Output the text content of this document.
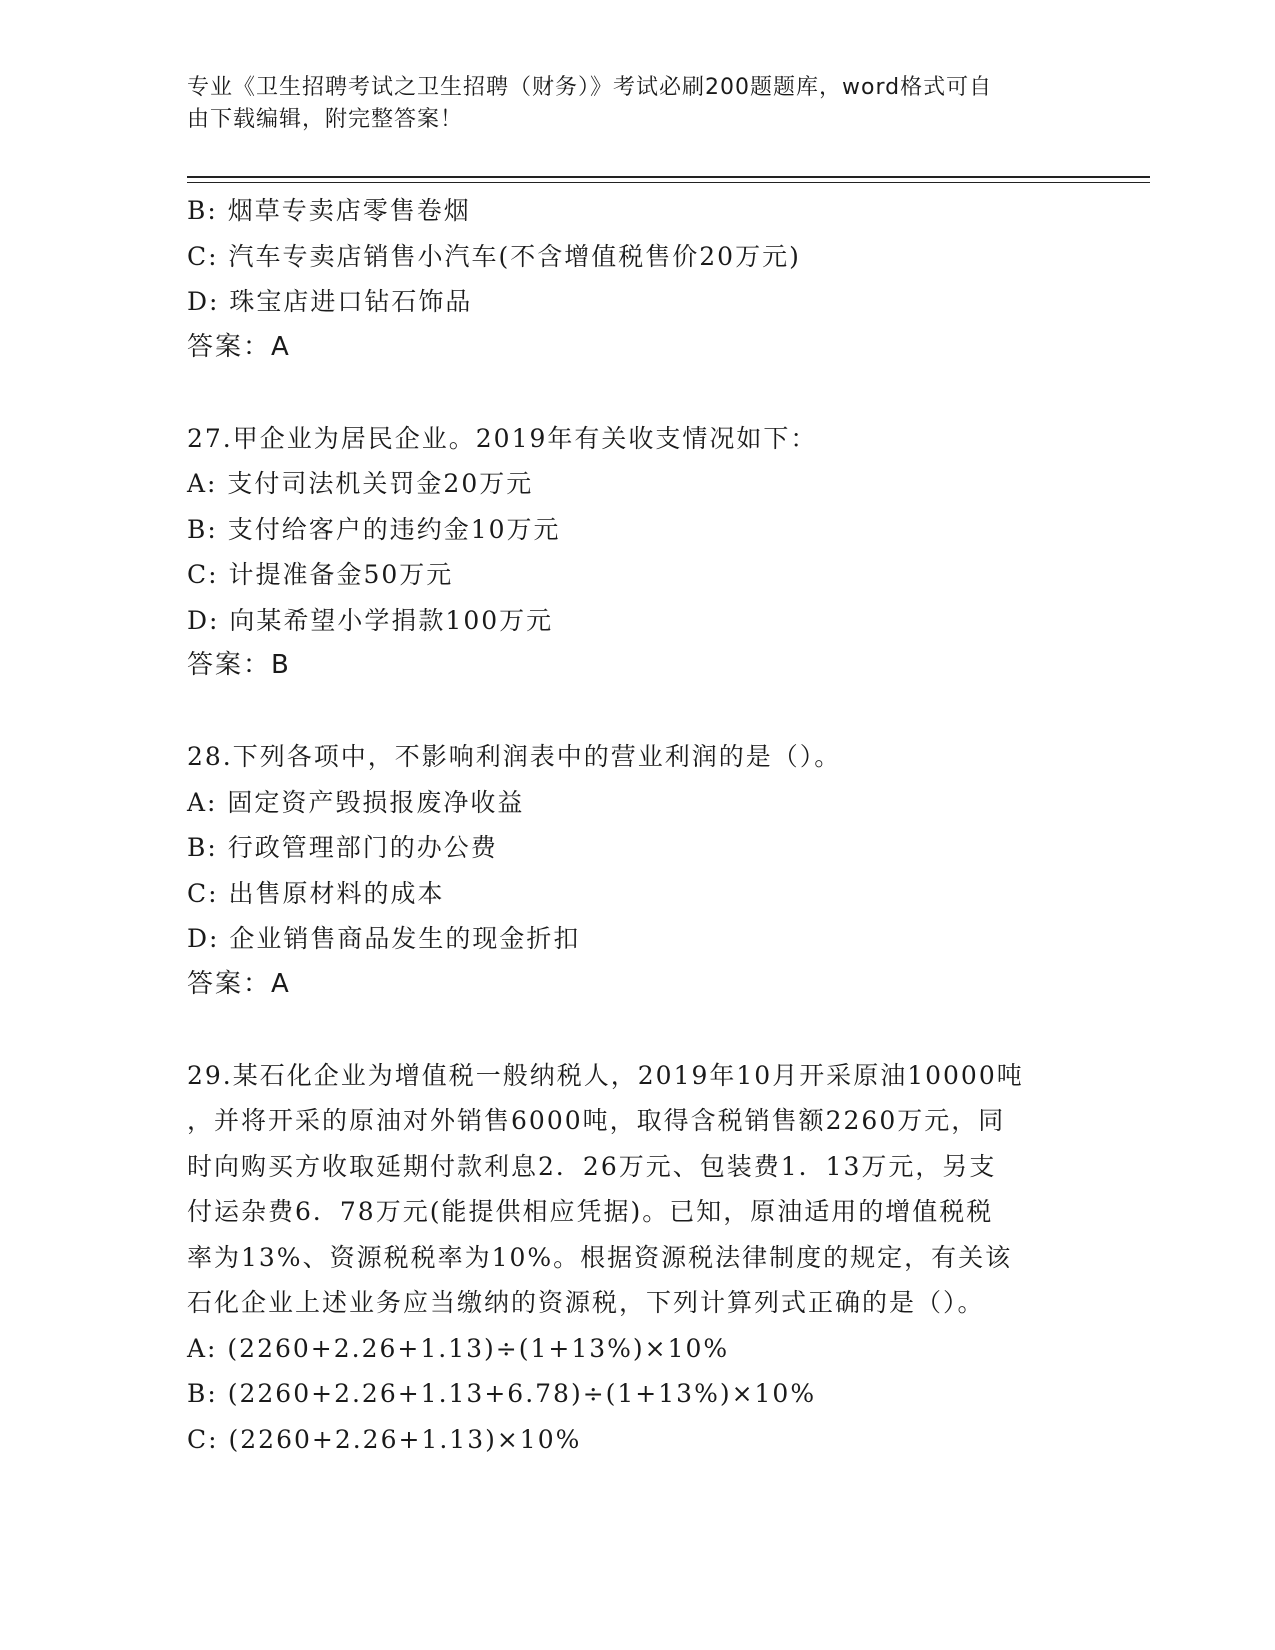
专业《卫生招聘考试之卫生招聘（财务）》考试必刷200题题库，word格式可自
由下载编辑，附完整答案！
B: 烟草专卖店零售卷烟
C: 汽车专卖店销售小汽车(不含增值税售价20万元)
D: 珠宝店进口钻石饰品
答案：A
27.甲企业为居民企业。2019年有关收支情况如下：
A: 支付司法机关罚金20万元
B: 支付给客户的违约金10万元
C: 计提准备金50万元
D: 向某希望小学捐款100万元
答案：B
28.下列各项中，不影响利润表中的营业利润的是（）。
A: 固定资产毁损报废净收益
B: 行政管理部门的办公费
C: 出售原材料的成本
D: 企业销售商品发生的现金折扣
答案：A
29.某石化企业为增值税一般纳税人，2019年10月开采原油10000吨
，并将开采的原油对外销售6000吨，取得含税销售额2260万元，同
时向购买方收取延期付款利息2．26万元、包装费1．13万元，另支
付运杂费6．78万元(能提供相应凭据)。已知，原油适用的增值税税
率为13%、资源税税率为10%。根据资源税法律制度的规定，有关该
石化企业上述业务应当缴纳的资源税，下列计算列式正确的是（）。
A: (2260+2.26+1.13)÷(1+13%)×10%
B: (2260+2.26+1.13+6.78)÷(1+13%)×10%
C: (2260+2.26+1.13)×10%
